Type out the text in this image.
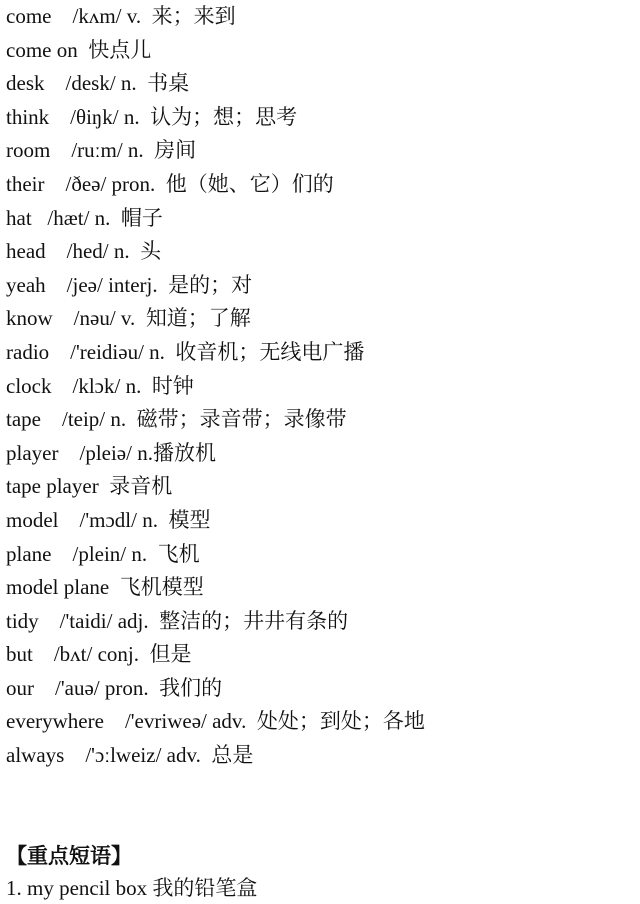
come /kʌm/ v. 来；来到
come on 快点儿
desk /desk/ n. 书桌
think /θiŋk/ n. 认为；想；思考
room /ruːm/ n. 房间
their /ðeə/ pron. 他（她、它）们的
hat /hæt/ n. 帽子
head /hed/ n. 头
yeah /jeə/ interj. 是的；对
know /nəu/ v. 知道；了解
radio /'reidiəu/ n. 收音机；无线电广播
clock /klɔk/ n. 时钟
tape /teip/ n. 磁带；录音带；录像带
player /pleiə/ n.播放机
tape player 录音机
model /'mɔdl/ n. 模型
plane /plein/ n. 飞机
model plane 飞机模型
tidy /'taidi/ adj. 整洁的；井井有条的
but /bʌt/ conj. 但是
our /'auə/ pron. 我们的
everywhere /'evriweə/ adv. 处处；到处；各地
always /'ɔːlweiz/ adv. 总是
【重点短语】
1. my pencil box 我的铅笔盒
